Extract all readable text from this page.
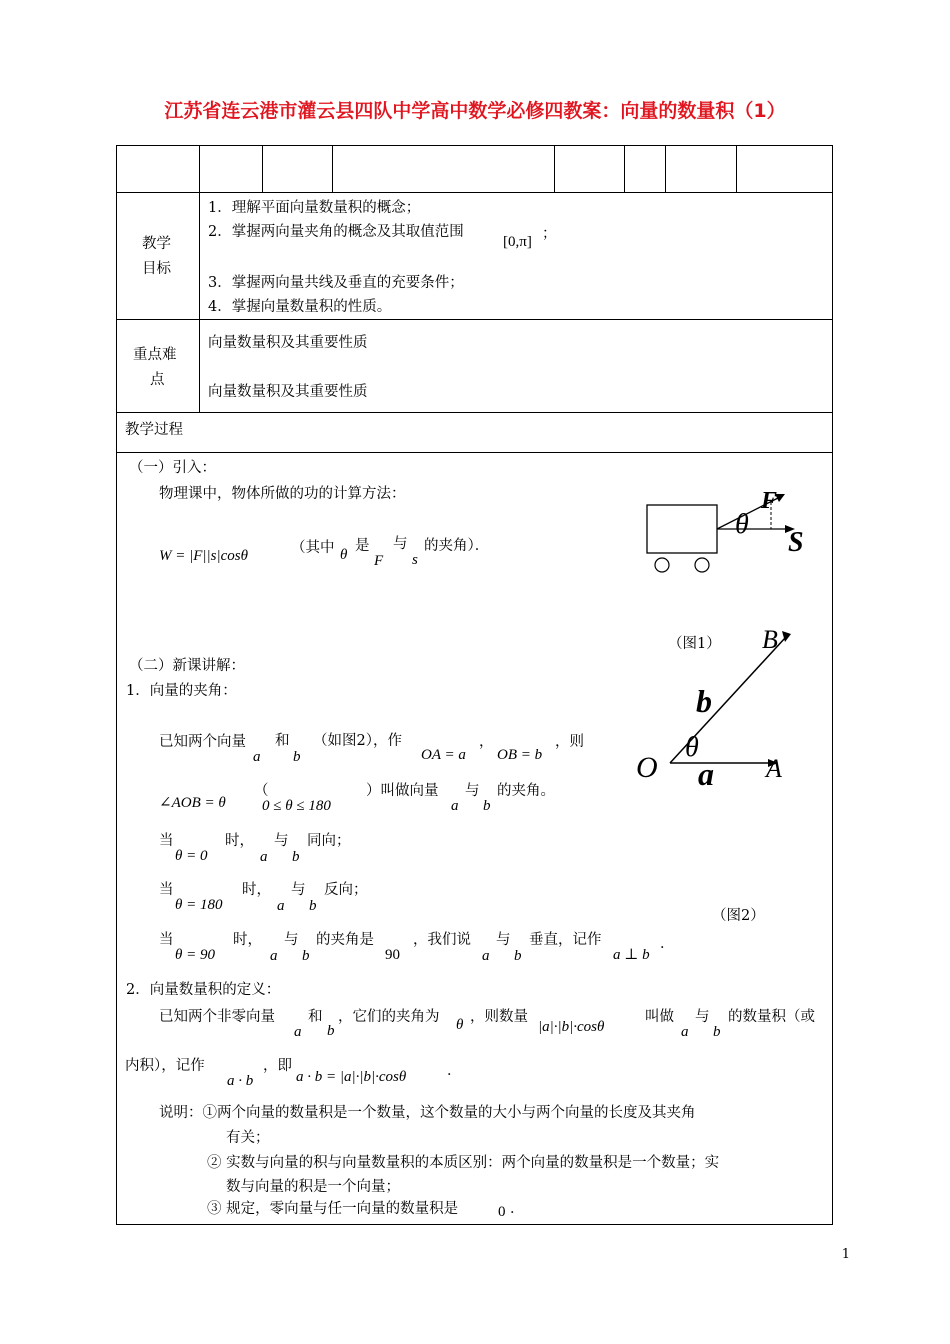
江苏省连云港市灌云县四队中学高中数学必修四教案：向量的数量积（1）
教学
目标
1．理解平面向量数量积的概念；
2．掌握两向量夹角的概念及其取值范围
[0,π] ；
3．掌握两向量共线及垂直的充要条件；
4．掌握向量数量积的性质。
重点难
点
向量数量积及其重要性质
向量数量积及其重要性质
教学过程
（一）引入：
物理课中，物体所做的功的计算方法：
W = |F||s|cosθ	（其中 θ
是
F
与
s
的夹角）．
F
θ
S
（图1） B
b
θ
O a A
（图2）
（二）新课讲解：
1．向量的夹角：
已知两个向量
a
和
b
（如图2），作
OA = a
，
OB = b
，则
∠AOB = θ
（
0 ≤ θ ≤ 180
）叫做向量
a
与
b
的夹角。
当
θ = 0
时，
a
与
b
同向；
当
θ = 180
时，
a
与
b
反向；
当
θ = 90
时，
a
与
b
的夹角是
90
，我们说
a
与
b
垂直，记作
a ⊥ b
．
2．向量数量积的定义：
已知两个非零向量
a
和
b
，它们的夹角为 θ ，则数量
|a|·|b|·cosθ
叫做
a
与
b
的数量积（或
内积），记作
a · b
，即
a · b = |a|·|b|·cosθ	．
说明：①两个向量的数量积是一个数量，这个数量的大小与两个向量的长度及其夹角
有关；
② 实数与向量的积与向量数量积的本质区别：两个向量的数量积是一个数量；实
数与向量的积是一个向量；
③ 规定，零向量与任一向量的数量积是	0 ．
1
